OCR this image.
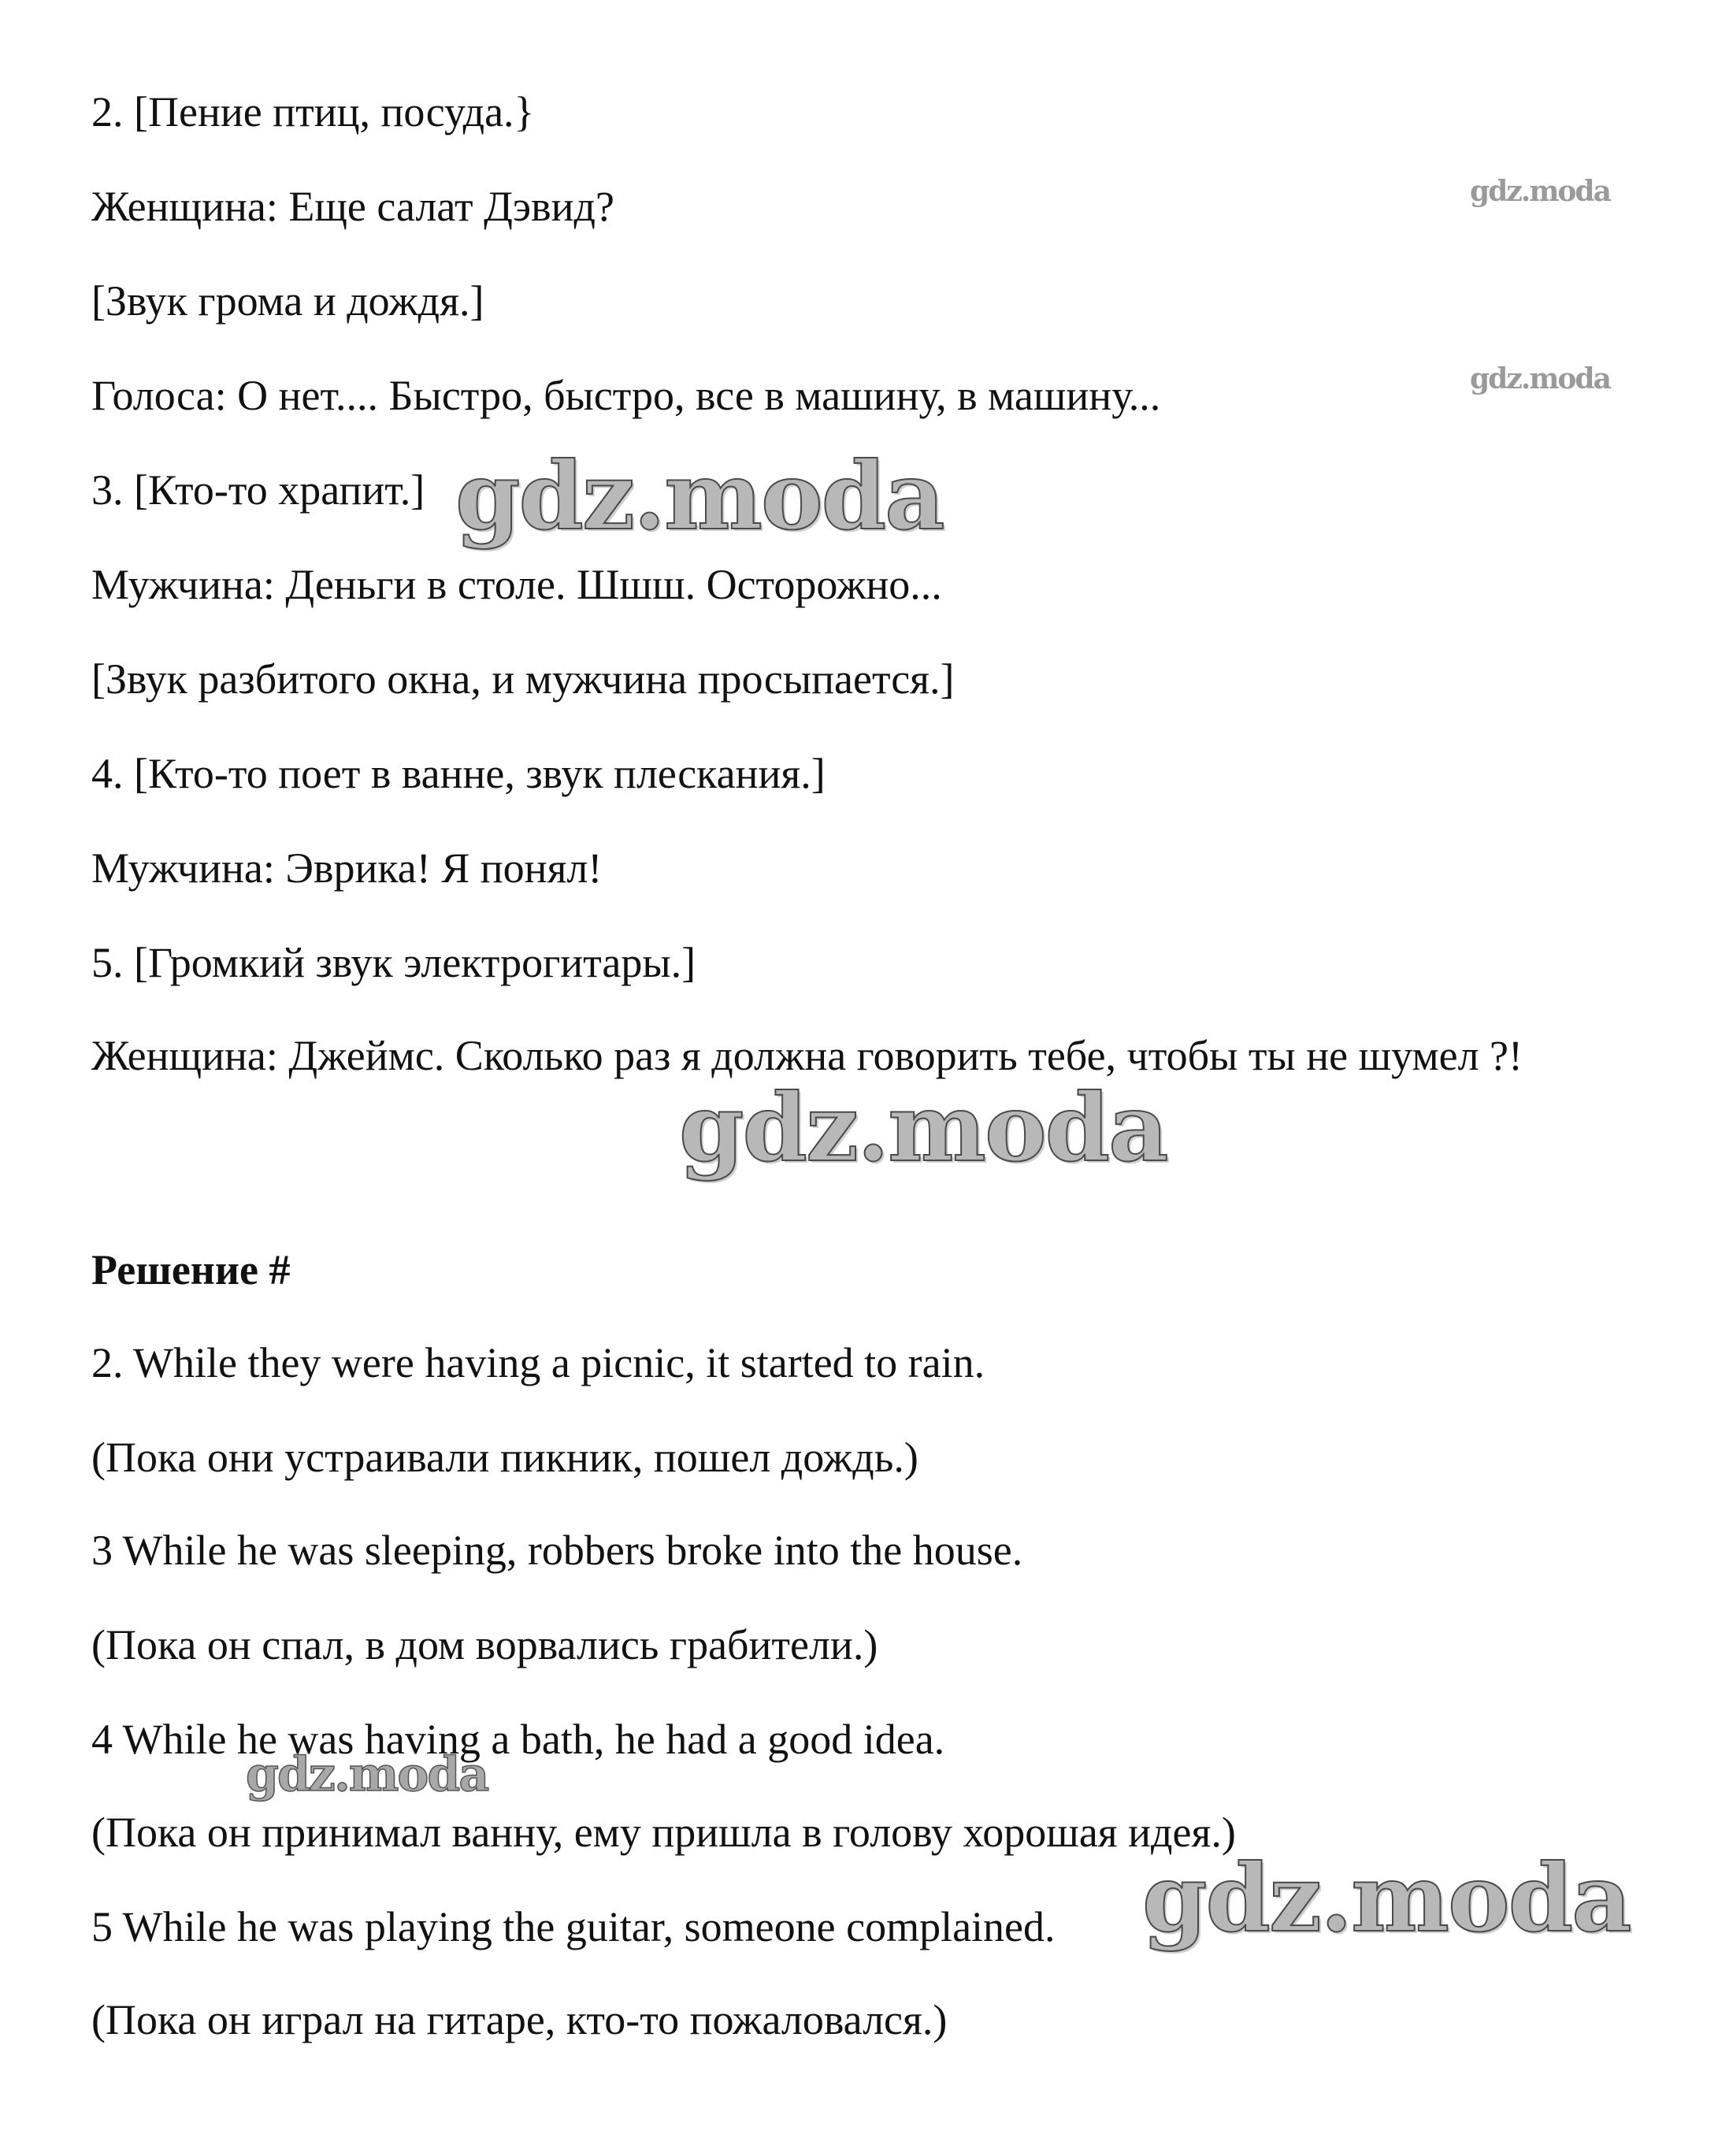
2. [Пение птиц, посуда.}

Женщина: Еще салат Дэвид?

[Звук грома и дождя.]

Голоса: О нет.... Быстро, быстро, все в машину, в машину...

3. [Кто-то храпит.]

Мужчина: Деньги в столе. Шшш. Осторожно...

[Звук разбитого окна, и мужчина просыпается.]

4. [Кто-то поет в ванне, звук плескания.]

Мужчина: Эврика! Я понял!

5. [Громкий звук электрогитары.]

Женщина: Джеймс. Сколько раз я должна говорить тебе, чтобы ты не шумел ?!

Решение #

2. While they were having a picnic, it started to rain.

(Пока они устраивали пикник, пошел дождь.)

3 While he was sleeping, robbers broke into the house.

(Пока он спал, в дом ворвались грабители.)

4 While he was having a bath, he had a good idea.

(Пока он принимал ванну, ему пришла в голову хорошая идея.)

5 While he was playing the guitar, someone complained.

(Пока он играл на гитаре, кто-то пожаловался.)

gdz.moda
gdz.moda
gdz.moda
gdz.moda
gdz.moda
gdz.moda
